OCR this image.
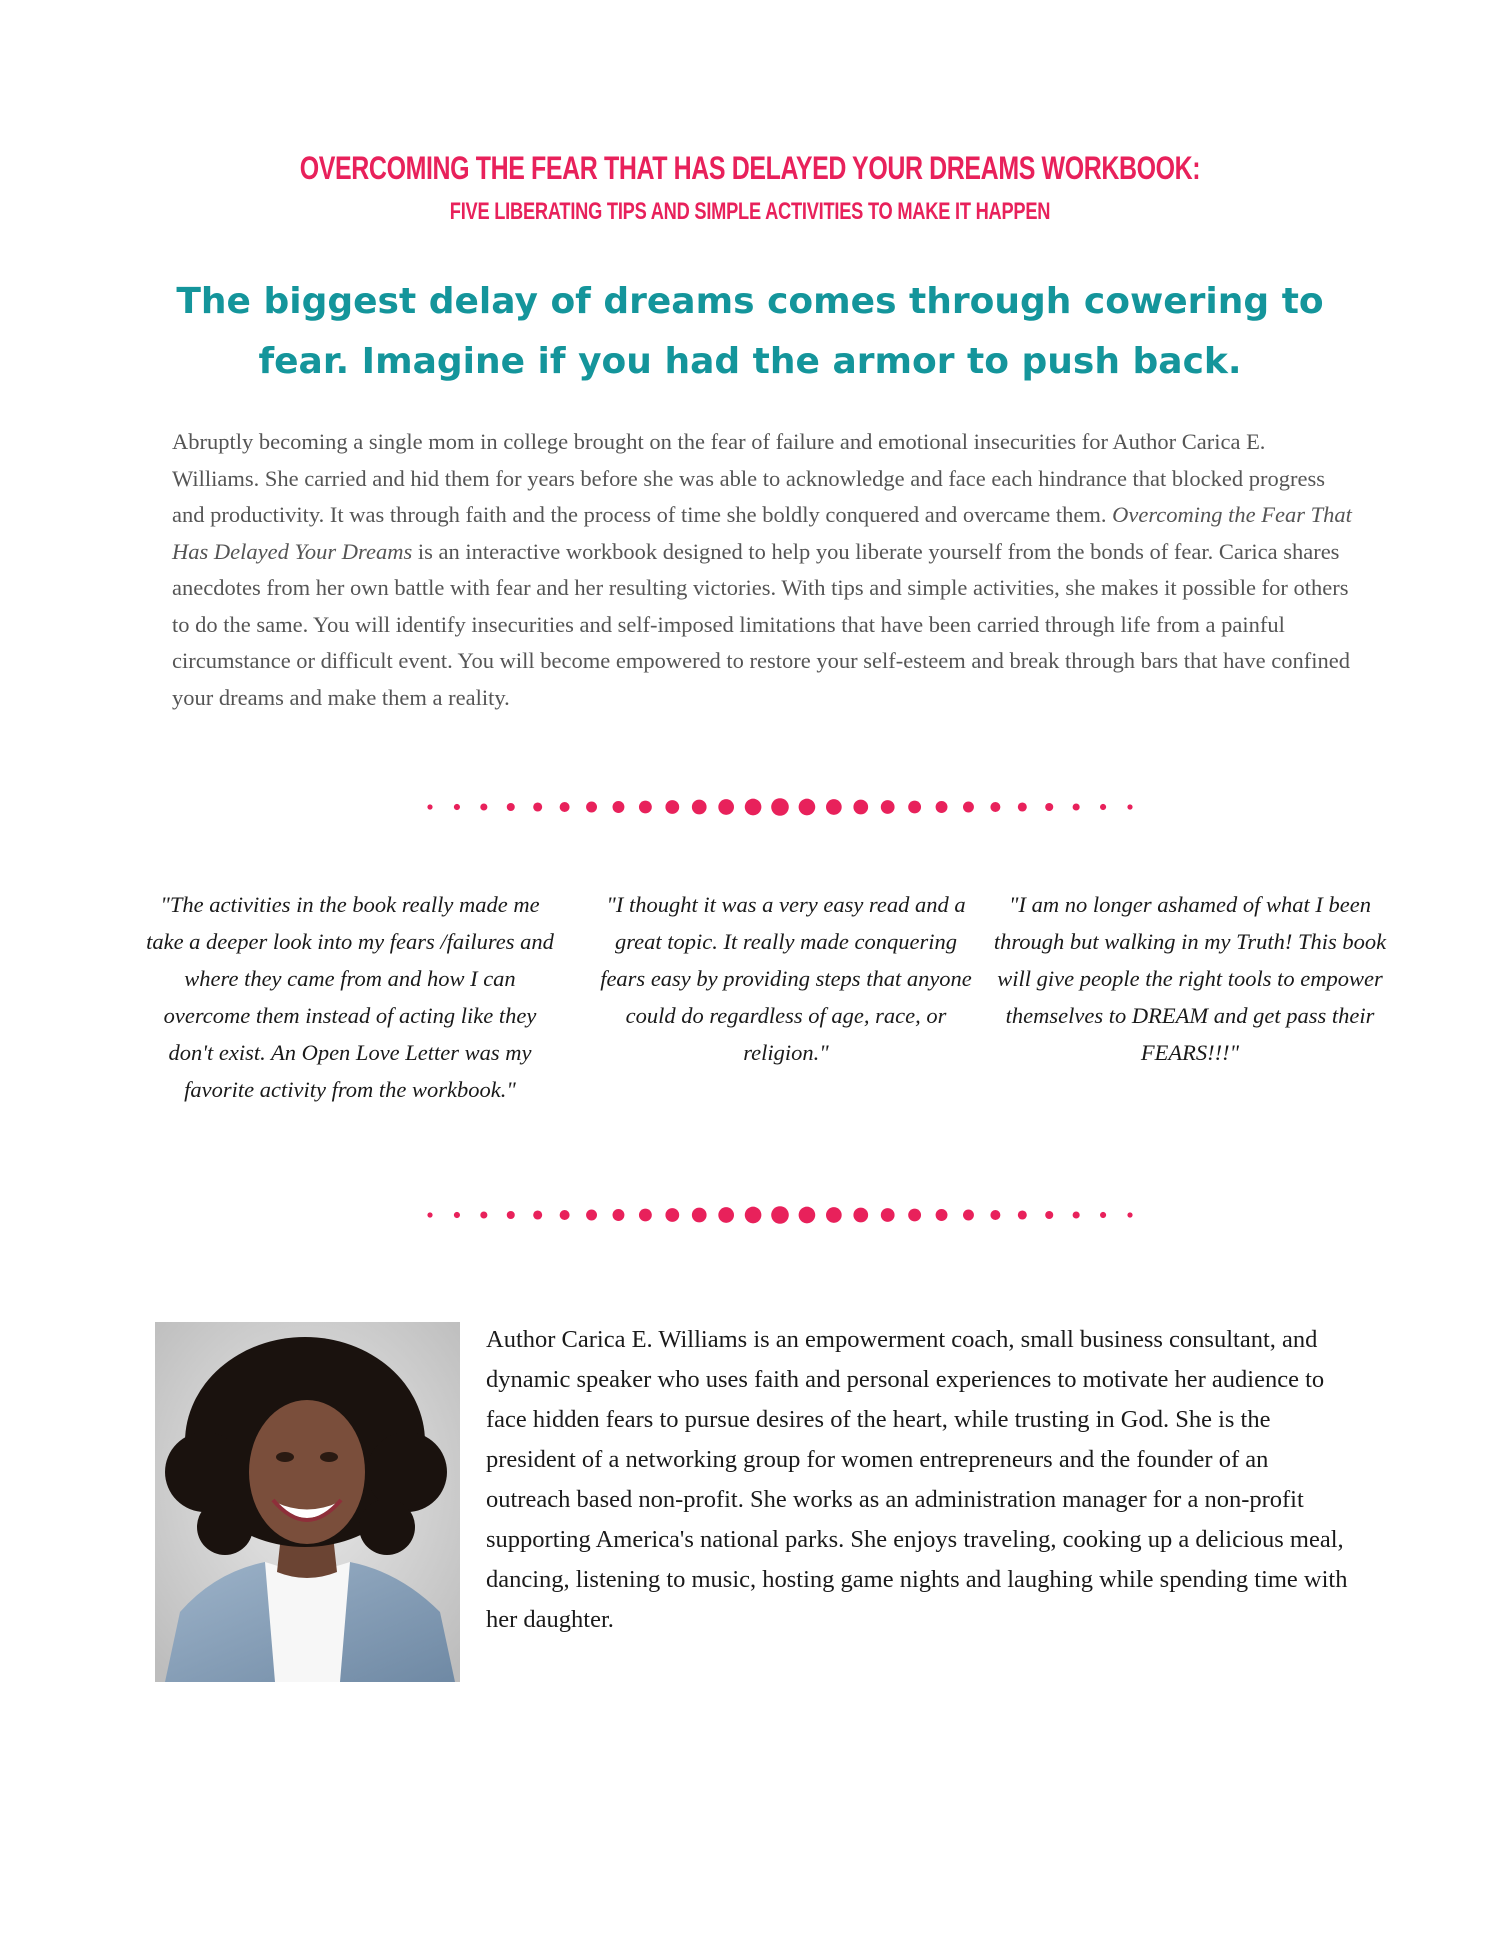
OVERCOMING THE FEAR THAT HAS DELAYED YOUR DREAMS WORKBOOK:
FIVE LIBERATING TIPS AND SIMPLE ACTIVITIES TO MAKE IT HAPPEN

The biggest delay of dreams comes through cowering to fear. Imagine if you had the armor to push back.

Abruptly becoming a single mom in college brought on the fear of failure and emotional insecurities for Author Carica E. Williams. She carried and hid them for years before she was able to acknowledge and face each hindrance that blocked progress and productivity. It was through faith and the process of time she boldly conquered and overcame them. Overcoming the Fear That Has Delayed Your Dreams is an interactive workbook designed to help you liberate yourself from the bonds of fear. Carica shares anecdotes from her own battle with fear and her resulting victories. With tips and simple activities, she makes it possible for others to do the same. You will identify insecurities and self-imposed limitations that have been carried through life from a painful circumstance or difficult event. You will become empowered to restore your self-esteem and break through bars that have confined your dreams and make them a reality.

"The activities in the book really made me take a deeper look into my fears /failures and where they came from and how I can overcome them instead of acting like they don't exist. An Open Love Letter was my favorite activity from the workbook."

"I thought it was a very easy read and a great topic. It really made conquering fears easy by providing steps that anyone could do regardless of age, race, or religion."

"I am no longer ashamed of what I been through but walking in my Truth! This book will give people the right tools to empower themselves to DREAM and get pass their FEARS!!!"

Author Carica E. Williams is an empowerment coach, small business consultant, and dynamic speaker who uses faith and personal experiences to motivate her audience to face hidden fears to pursue desires of the heart, while trusting in God. She is the president of a networking group for women entrepreneurs and the founder of an outreach based non-profit. She works as an administration manager for a non-profit supporting America's national parks. She enjoys traveling, cooking up a delicious meal, dancing, listening to music, hosting game nights and laughing while spending time with her daughter.
